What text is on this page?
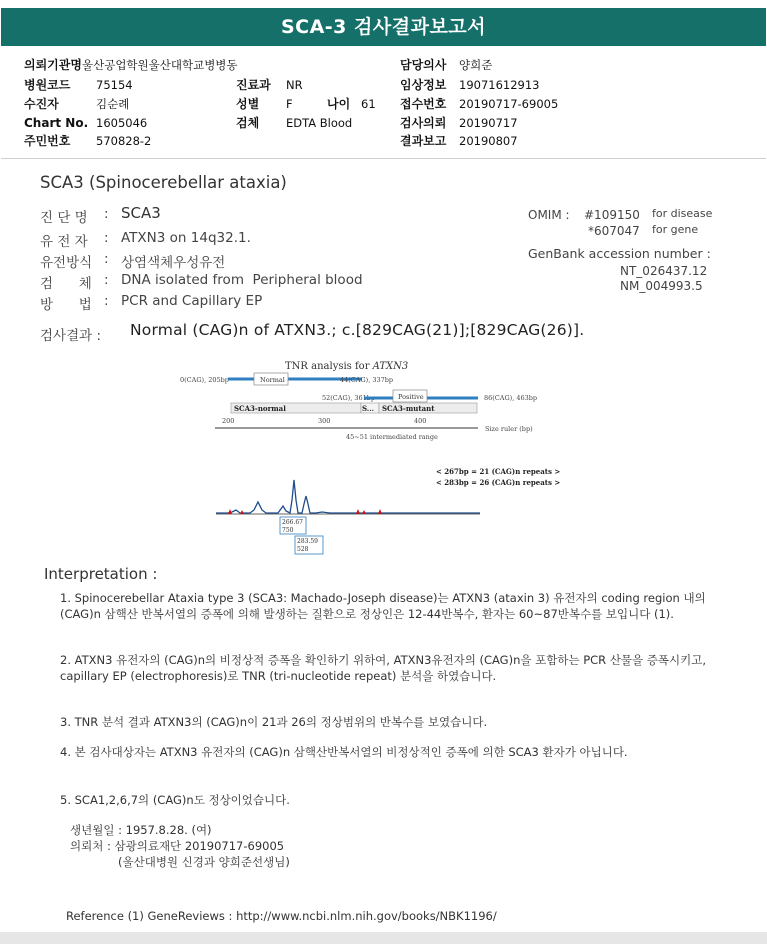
SCA-3 검사결과보고서
의뢰기관명 울산공업학원울산대학교병병동
병원코드 75154
수진자	김순례
Chart No. 1605046
주민번호 570828-2
진료과 NR
성별 F	나이 61
검체 EDTA Blood
담당의사 양희준
임상정보 19071612913
접수번호 20190717-69005
검사의뢰 20190717
결과보고 20190807
SCA3 (Spinocerebellar ataxia)
진 단 명 : SCA3
유 전 자 : ATXN3 on 14q32.1.
유전방식 : 상염색체우성유전
검      체 : DNA isolated from  Peripheral blood
방      법 : PCR and Capillary EP
OMIM : #109150 for disease
*607047 for gene
GenBank accession number :
NT_026437.12
NM_004993.5
검사결과 : Normal (CAG)n of ATXN3.; c.[829CAG(21)];[829CAG(26)].
TNR analysis for ATXN3
0(CAG), 205bp	Normal	44(CAG), 337bp
52(CAG), 361bp	Positive	86(CAG), 463bp
SCA3-normal	S... SCA3-mutant
200	300	400
Size ruler (bp)
45~51 intermediated range
< 267bp = 21 (CAG)n repeats >
< 283bp = 26 (CAG)n repeats >
266.67
750
283.59
528
Interpretation :
1. Spinocerebellar Ataxia type 3 (SCA3: Machado-Joseph disease)는 ATXN3 (ataxin 3) 유전자의 coding region 내의 (CAG)n 삼핵산 반복서열의 증폭에 의해 발생하는 질환으로 정상인은 12-44반복수, 환자는 60~87반복수를 보입니다 (1).
2. ATXN3 유전자의 (CAG)n의 비정상적 증폭을 확인하기 위하여, ATXN3유전자의 (CAG)n을 포함하는 PCR 산물을 증폭시키고, capillary EP (electrophoresis)로 TNR (tri-nucleotide repeat) 분석을 하였습니다.
3. TNR 분석 결과 ATXN3의 (CAG)n이 21과 26의 정상범위의 반복수를 보였습니다.
4. 본 검사대상자는 ATXN3 유전자의 (CAG)n 삼핵산반복서열의 비정상적인 증폭에 의한 SCA3 환자가 아닙니다.
5. SCA1,2,6,7의 (CAG)n도 정상이었습니다.
생년월일 : 1957.8.28. (여)
의뢰처 : 삼광의료재단 20190717-69005
(울산대병원 신경과 양희준선생님)
Reference (1) GeneReviews : http://www.ncbi.nlm.nih.gov/books/NBK1196/
